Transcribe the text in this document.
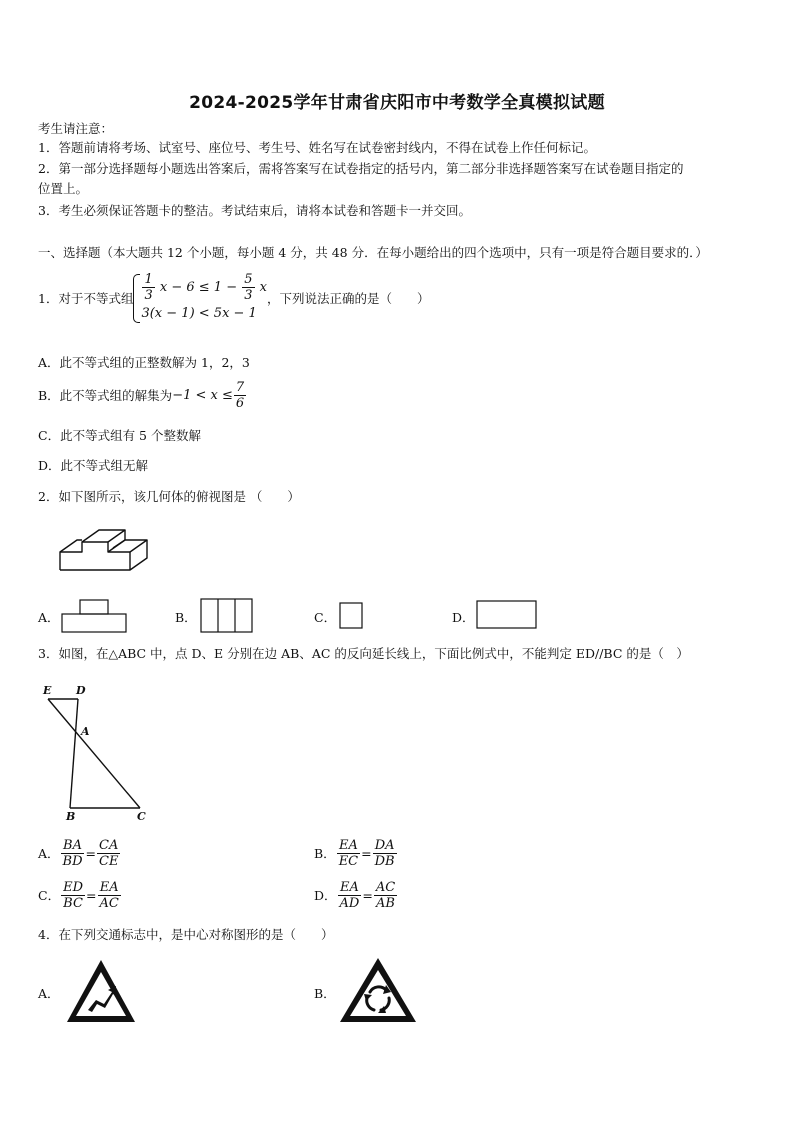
2024-2025学年甘肃省庆阳市中考数学全真模拟试题
考生请注意：
1．答题前请将考场、试室号、座位号、考生号、姓名写在试卷密封线内，不得在试卷上作任何标记。
2．第一部分选择题每小题选出答案后，需将答案写在试卷指定的括号内，第二部分非选择题答案写在试卷题目指定的
位置上。
3．考生必须保证答题卡的整洁。考试结束后，请将本试卷和答题卡一并交回。
一、选择题（本大题共 12 个小题，每小题 4 分，共 48 分．在每小题给出的四个选项中，只有一项是符合题目要求的．）
1．对于不等式组 $\frac{1}{3}$ $x - 6 \le 1 - \frac{5}{3}$ x
3(x − 1) < 5x − 1
，下列说法正确的是（　　）
A．此不等式组的正整数解为 1，2，3
B．此不等式组的解集为 $-1 < x \le \frac{7}{6}$
C．此不等式组有 5 个整数解
D．此不等式组无解
2．如下图所示，该几何体的俯视图是 （　　）
A．	B．	C．	D．
3．如图，在△ABC 中，点 D、E 分别在边 AB、AC 的反向延长线上，下面比例式中，不能判定 ED//BC 的是（　）
E D
A
B	C
A． $\frac{BA}{BD} = \frac{CA}{CE}$	B． $\frac{EA}{EC} = \frac{DA}{DB}$
C． $\frac{ED}{BC} = \frac{EA}{AC}$	D． $\frac{EA}{AD} = \frac{AC}{AB}$
4．在下列交通标志中，是中心对称图形的是（　　）
A．	B．
